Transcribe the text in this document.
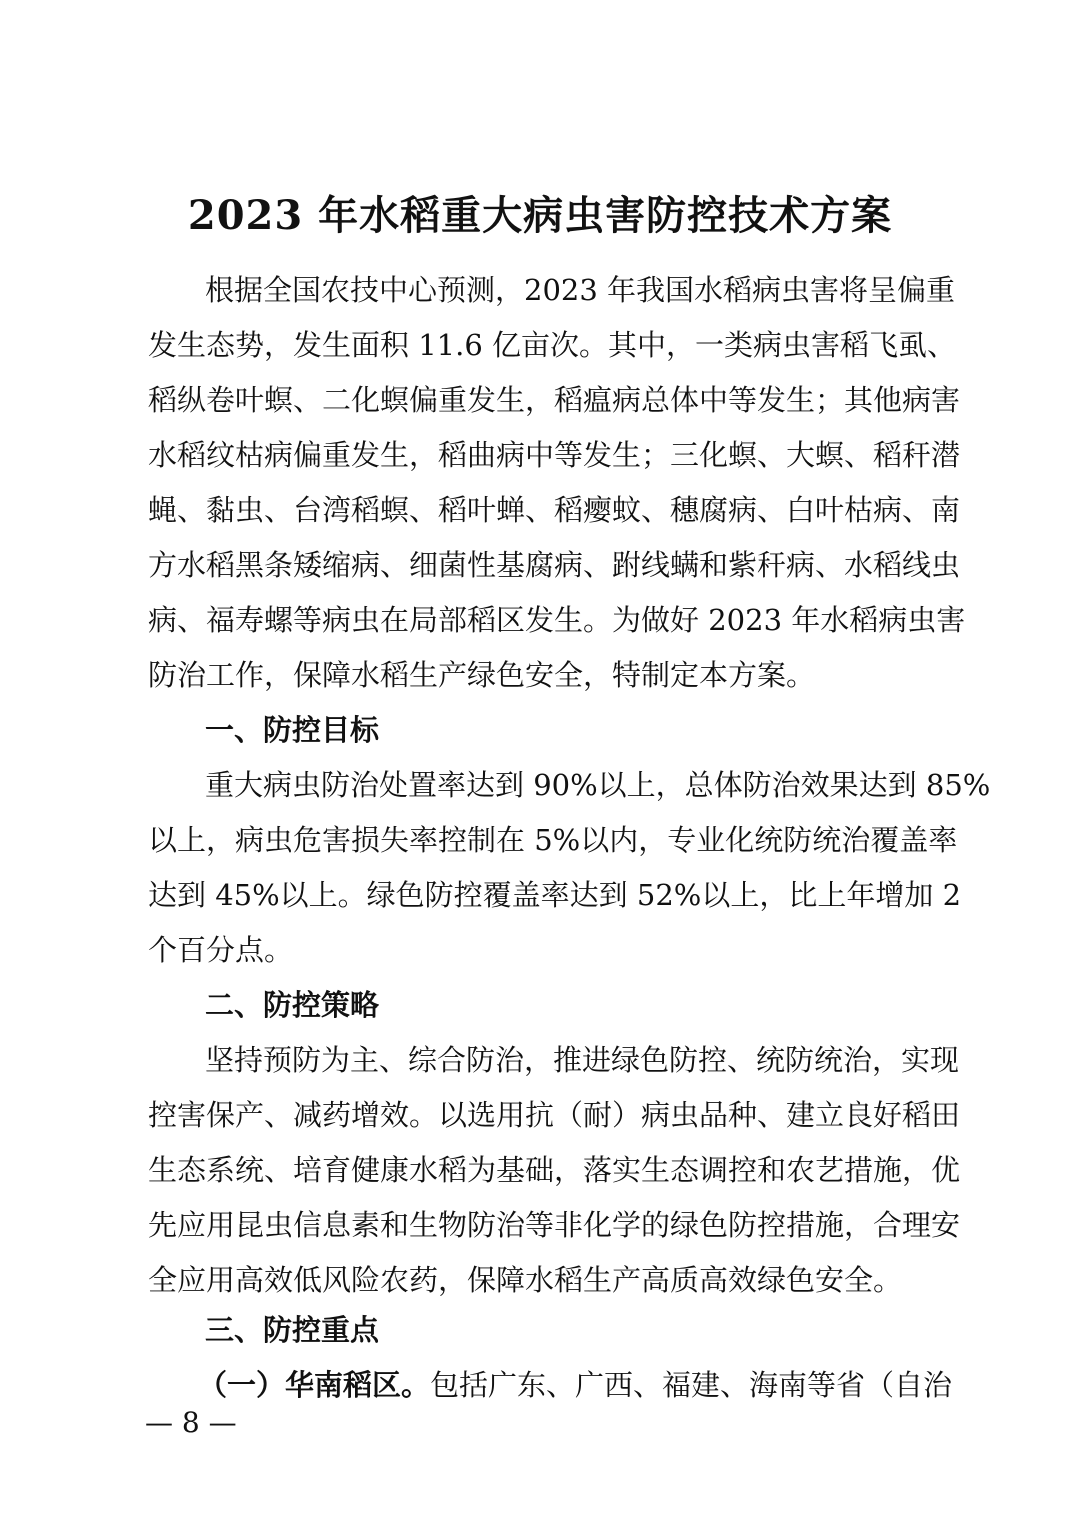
2023 年水稻重大病虫害防控技术方案
根据全国农技中心预测，2023 年我国水稻病虫害将呈偏重
发生态势，发生面积 11.6 亿亩次。其中，一类病虫害稻飞虱、
稻纵卷叶螟、二化螟偏重发生，稻瘟病总体中等发生；其他病害
水稻纹枯病偏重发生，稻曲病中等发生；三化螟、大螟、稻秆潜
蝇、黏虫、台湾稻螟、稻叶蝉、稻瘿蚊、穗腐病、白叶枯病、南
方水稻黑条矮缩病、细菌性基腐病、跗线螨和紫秆病、水稻线虫
病、福寿螺等病虫在局部稻区发生。为做好 2023 年水稻病虫害
防治工作，保障水稻生产绿色安全，特制定本方案。
一、防控目标
重大病虫防治处置率达到 90%以上，总体防治效果达到 85%
以上，病虫危害损失率控制在 5%以内，专业化统防统治覆盖率
达到 45%以上。绿色防控覆盖率达到 52%以上，比上年增加 2
个百分点。
二、防控策略
坚持预防为主、综合防治，推进绿色防控、统防统治，实现
控害保产、减药增效。以选用抗（耐）病虫品种、建立良好稻田
生态系统、培育健康水稻为基础，落实生态调控和农艺措施，优
先应用昆虫信息素和生物防治等非化学的绿色防控措施，合理安
全应用高效低风险农药，保障水稻生产高质高效绿色安全。
三、防控重点
（一）华南稻区。包括广东、广西、福建、海南等省（自治
— 8 —
